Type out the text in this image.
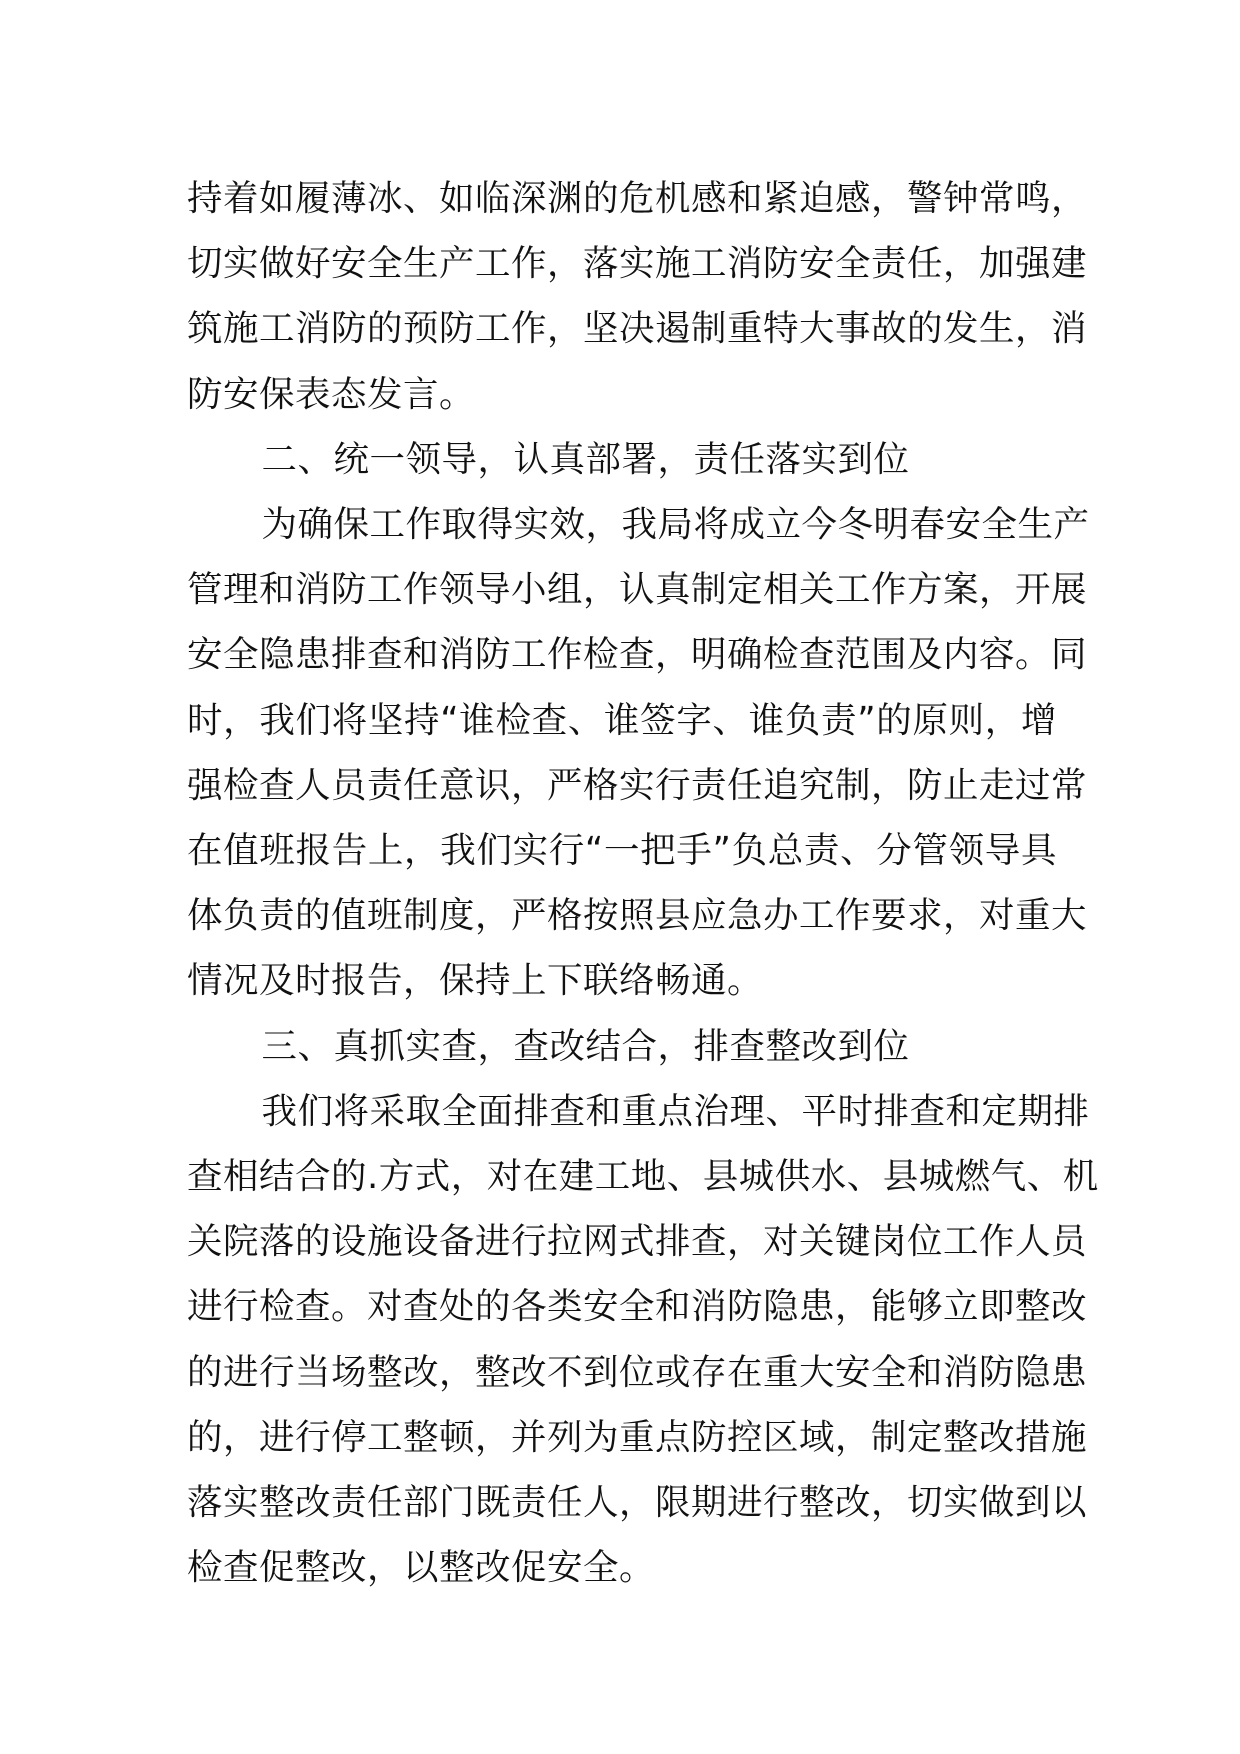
持着如履薄冰、如临深渊的危机感和紧迫感，警钟常鸣，
切实做好安全生产工作，落实施工消防安全责任，加强建
筑施工消防的预防工作，坚决遏制重特大事故的发生，消
防安保表态发言。
二、统一领导，认真部署，责任落实到位
为确保工作取得实效，我局将成立今冬明春安全生产
管理和消防工作领导小组，认真制定相关工作方案，开展
安全隐患排查和消防工作检查，明确检查范围及内容。同
时，我们将坚持“谁检查、谁签字、谁负责”的原则，增
强检查人员责任意识，严格实行责任追究制，防止走过常
在值班报告上，我们实行“一把手”负总责、分管领导具
体负责的值班制度，严格按照县应急办工作要求，对重大
情况及时报告，保持上下联络畅通。
三、真抓实查，查改结合，排查整改到位
我们将采取全面排查和重点治理、平时排查和定期排
查相结合的.方式，对在建工地、县城供水、县城燃气、机
关院落的设施设备进行拉网式排查，对关键岗位工作人员
进行检查。对查处的各类安全和消防隐患，能够立即整改
的进行当场整改，整改不到位或存在重大安全和消防隐患
的，进行停工整顿，并列为重点防控区域，制定整改措施
落实整改责任部门既责任人，限期进行整改，切实做到以
检查促整改，以整改促安全。
